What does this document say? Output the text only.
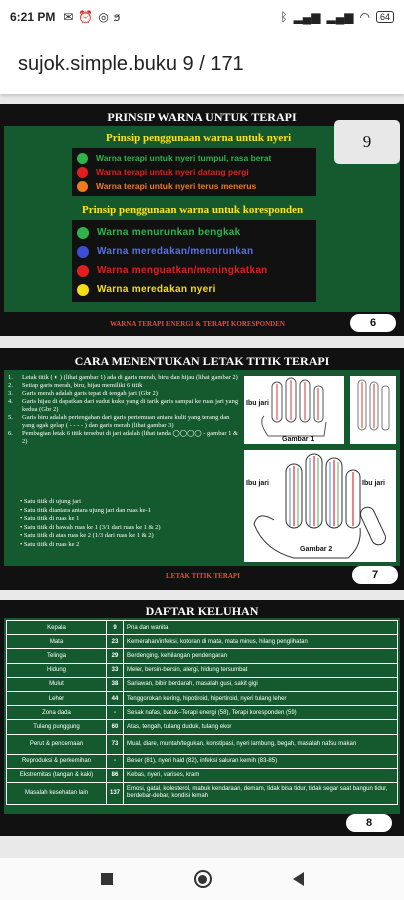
6:21 PM ✉ ⏰ ◎ ϧ	ᛒ ▂▄▆ ▂▄▆ ◠	64
sujok.simple.buku 9 / 171
PRINSIP WARNA UNTUK TERAPI
9
Prinsip penggunaan warna untuk nyeri
Warna terapi untuk nyeri tumpul, rasa berat
Warna terapi untuk nyeri datang pergi
Warna terapi untuk nyeri terus menerus
Prinsip penggunaan warna untuk koresponden
Warna menurunkan bengkak
Warna meredakan/menurunkan
Warna menguatkan/meningkatkan
Warna meredakan nyeri
WARNA TERAPI ENERGI & TERAPI KORESPONDEN	6
CARA MENENTUKAN LETAK TITIK TERAPI
1.	Letak titik ( ◐ ) (lihat gambar 1) ada di garis merah, biru dan hijau (lihat gambar 2)
2.	Setiap garis merah, biru, hijau memiliki 6 titik
3.	Garis merah adalah garis tepat di tengah jari (Gbr 2)
4.	Garis hijau di dapatkan dari sudut kuku yang di tarik garis sampai ke ruas jari yang kedua (Gbr 2)
5.	Garis biru adalah pertengahan dari garis pertemuan antara kulit yang terang dan yang agak gelap ( - - - - ) dan garis merah (lihat gambar 3)
6.	Pembagian letak 6 titik tersebut di jari adalah (lihat tanda ◯◯◯◯ - gambar 1 & 2)
• Satu titik di ujung jari
• Satu titik diantara antara ujung jari dan ruas ke-1
• Satu titik di ruas ke 1
• Satu titik di bawah ruas ke 1 (3/1 dari ruas ke 1 & 2)
• Satu titik di atas ruas ke 2 (1/3 dari ruas ke 1 & 2)
• Satu titik di ruas ke 2
Ibu jari
Gambar 1
Ibu jari	Ibu jari
Gambar 2
LETAK TITIK TERAPI	7
DAFTAR KELUHAN
Kepala	9	Pria dan wanita
Mata	23	Kemerahan/infeksi, kotoran di mata, mata minus, hilang penglihatan
Telinga	29	Berdenging, kehilangan pendengaran
Hidung	33	Meler, bersin-bersin, alergi, hidung tersumbat
Mulut	38	Sariawan, bibir berdarah, masalah gusi, sakit gigi
Leher	44	Tenggorokan kering, hipotiroid, hipertiroid, nyeri tulang leher
Zona dada	-	Sesak nafas, batuk–Terapi energi (58), Terapi koresponden (59)
Tulang punggung	60	Atas, tengah, tulang duduk, tulang ekor
Perut & pencernaan	73	Mual, diare, muntah/tegukan, konstipasi, nyeri lambung, begah, masalah nafsu makan
Reproduksi & perkemihan	-	Beser (81), nyeri haid (82), infeksi saluran kemih (83-85)
Ekstremitas (tangan & kaki)	86	Kebas, nyeri, varises, kram
Masalah kesehatan lain	137	Emosi, gatal, kolesterol, mabuk kendaraan, demam, tidak bisa tidur, tidak segar saat bangun tidur, berdebar-debar, kondisi lemah
8
